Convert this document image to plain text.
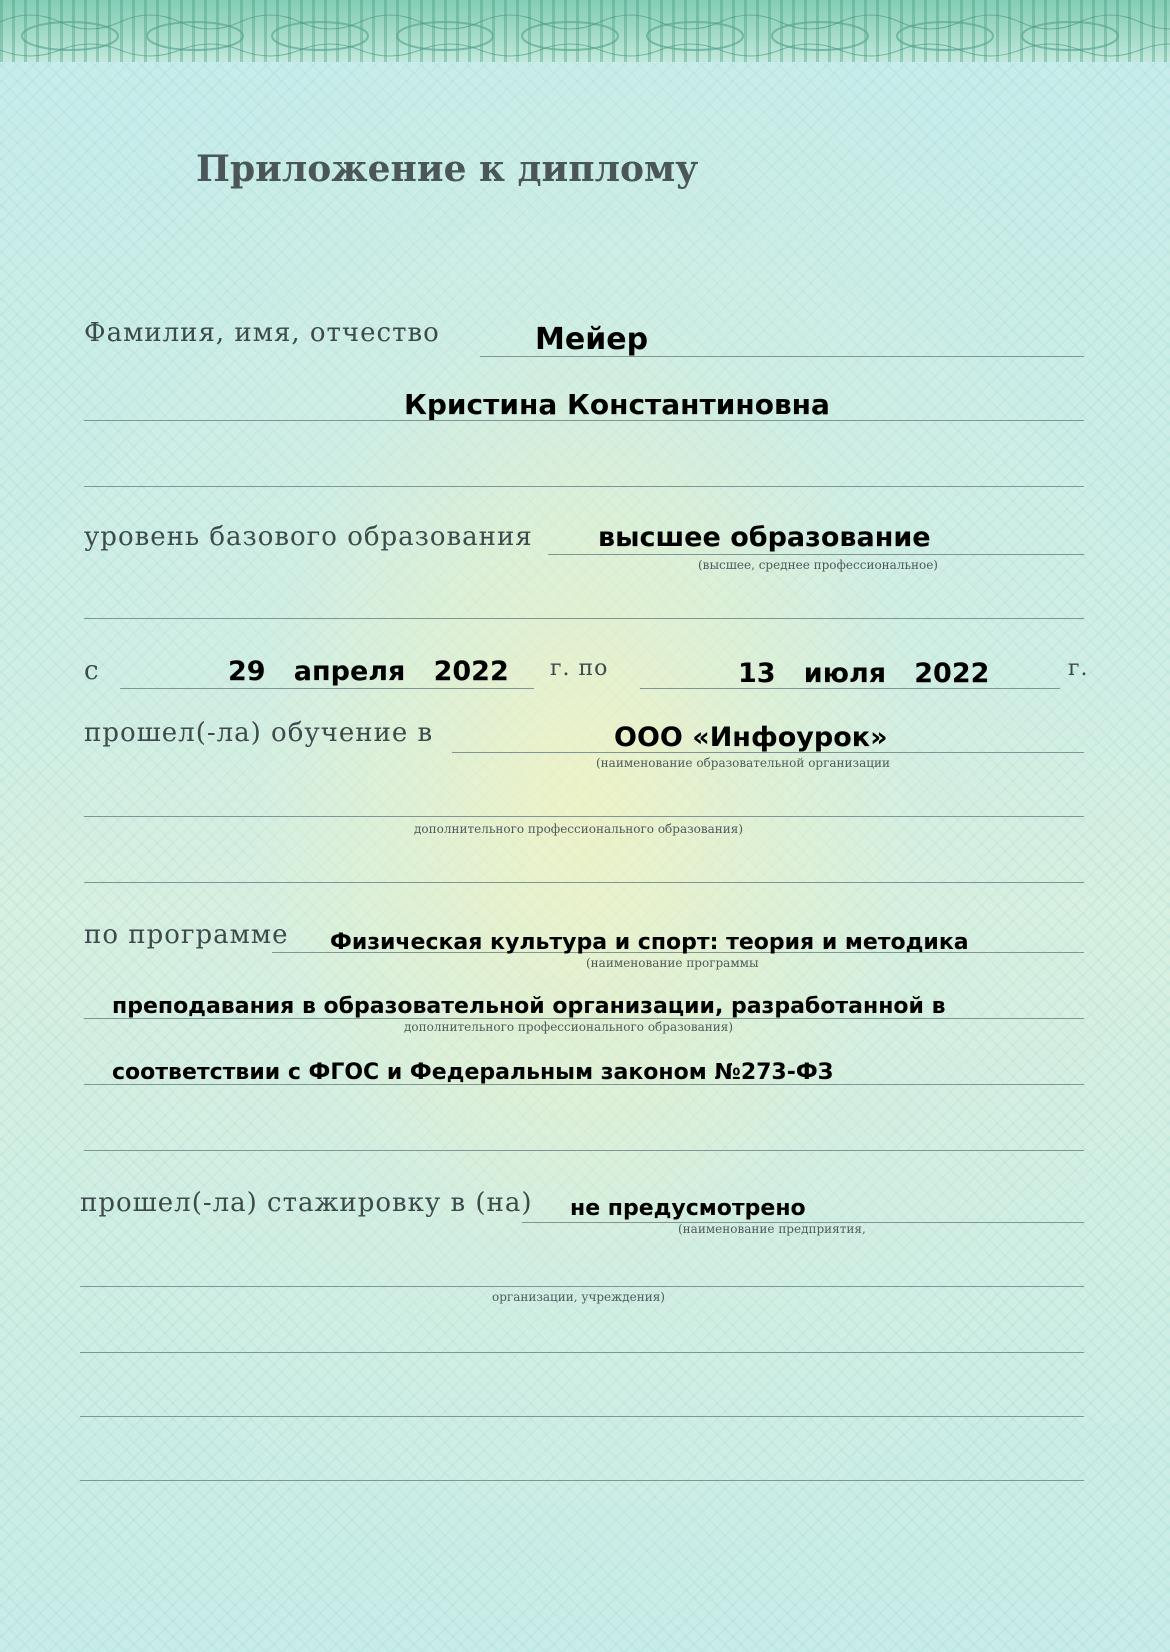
Приложение к диплому
Фамилия, имя, отчество	Мейер
Кристина Константиновна
уровень базового образования высшее образование
(высшее, среднее профессиональное)
с	29   апреля   2022 г. по	13   июля   2022	г.
прошел(-ла) обучение в	ООО «Инфоурок»
(наименование образовательной организации
дополнительного профессионального образования)
по программе Физическая культура и спорт: теория и методика
(наименование программы
преподавания в образовательной организации, разработанной в
дополнительного профессионального образования)
соответствии с ФГОС и Федеральным законом №273-ФЗ
прошел(-ла) стажировку в (на) не предусмотрено
(наименование предприятия,
организации, учреждения)
